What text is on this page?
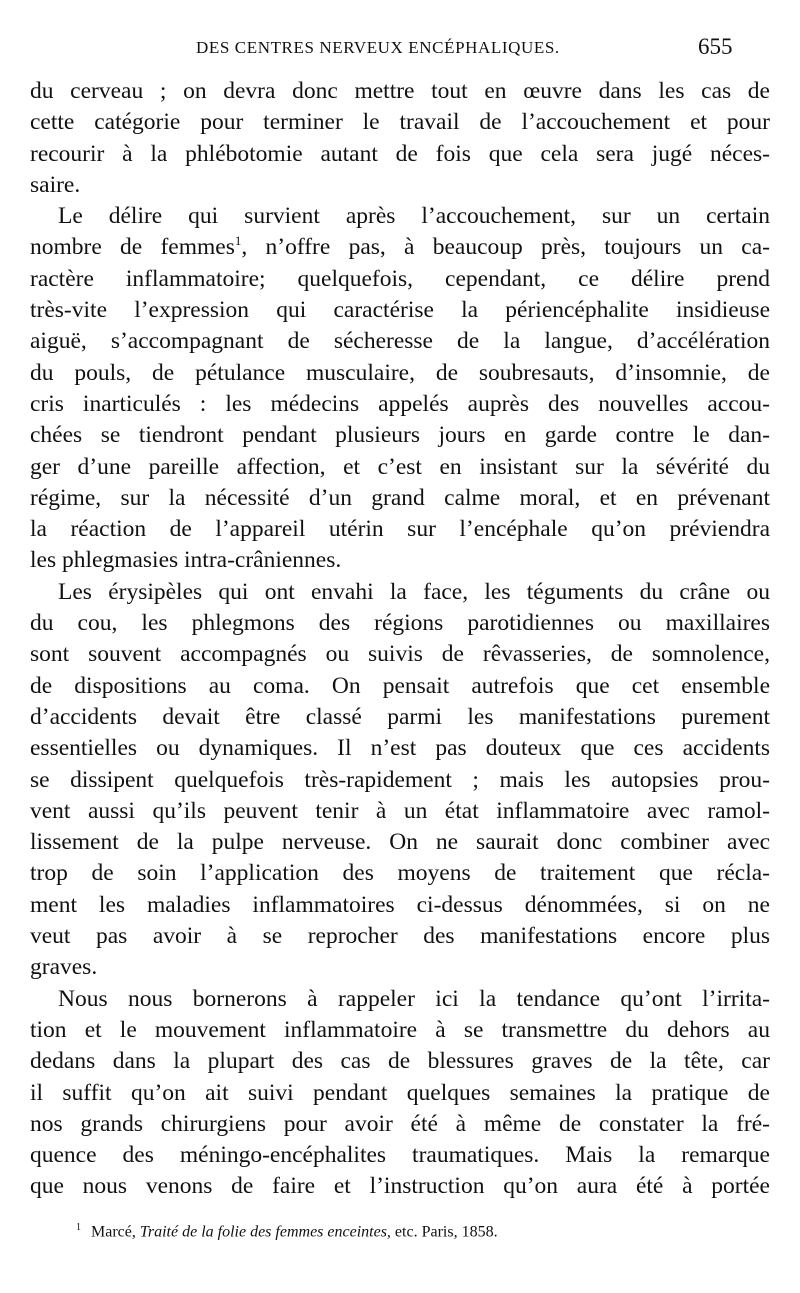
DES CENTRES NERVEUX ENCÉPHALIQUES.	655
du cerveau ; on devra donc mettre tout en œuvre dans les cas de
cette catégorie pour terminer le travail de l’accouchement et pour
recourir à la phlébotomie autant de fois que cela sera jugé néces-
saire.
Le délire qui survient après l’accouchement, sur un certain
nombre de femmes$^1$, n’offre pas, à beaucoup près, toujours un ca-
ractère inflammatoire; quelquefois, cependant, ce délire prend
très-vite l’expression qui caractérise la périencéphalite insidieuse
aiguë, s’accompagnant de sécheresse de la langue, d’accélération
du pouls, de pétulance musculaire, de soubresauts, d’insomnie, de
cris inarticulés : les médecins appelés auprès des nouvelles accou-
chées se tiendront pendant plusieurs jours en garde contre le dan-
ger d’une pareille affection, et c’est en insistant sur la sévérité du
régime, sur la nécessité d’un grand calme moral, et en prévenant
la réaction de l’appareil utérin sur l’encéphale qu’on préviendra
les phlegmasies intra-crâniennes.
Les érysipèles qui ont envahi la face, les téguments du crâne ou
du cou, les phlegmons des régions parotidiennes ou maxillaires
sont souvent accompagnés ou suivis de rêvasseries, de somnolence,
de dispositions au coma. On pensait autrefois que cet ensemble
d’accidents devait être classé parmi les manifestations purement
essentielles ou dynamiques. Il n’est pas douteux que ces accidents
se dissipent quelquefois très-rapidement ; mais les autopsies prou-
vent aussi qu’ils peuvent tenir à un état inflammatoire avec ramol-
lissement de la pulpe nerveuse. On ne saurait donc combiner avec
trop de soin l’application des moyens de traitement que récla-
ment les maladies inflammatoires ci-dessus dénommées, si on ne
veut pas avoir à se reprocher des manifestations encore plus
graves.
Nous nous bornerons à rappeler ici la tendance qu’ont l’irrita-
tion et le mouvement inflammatoire à se transmettre du dehors au
dedans dans la plupart des cas de blessures graves de la tête, car
il suffit qu’on ait suivi pendant quelques semaines la pratique de
nos grands chirurgiens pour avoir été à même de constater la fré-
quence des méningo-encéphalites traumatiques. Mais la remarque
que nous venons de faire et l’instruction qu’on aura été à portée
$^1$ Marcé, Traité de la folie des femmes enceintes, etc. Paris, 1858.
